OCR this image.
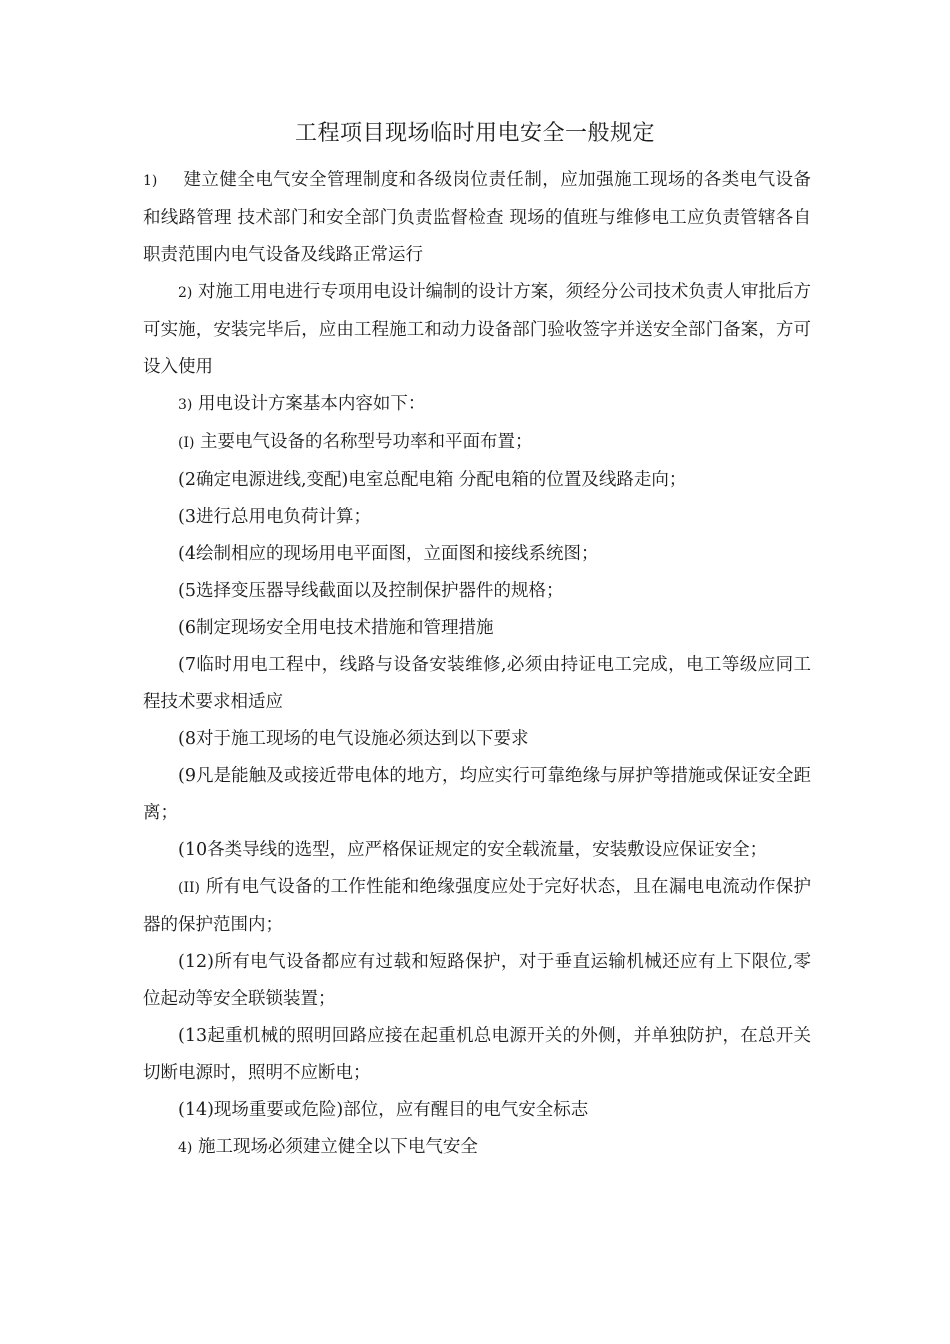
工程项目现场临时用电安全一般规定

1) 建立健全电气安全管理制度和各级岗位责任制，应加强施工现场的各类电气设备和线路管理 技术部门和安全部门负责监督检查 现场的值班与维修电工应负责管辖各自职责范围内电气设备及线路正常运行

2) 对施工用电进行专项用电设计编制的设计方案，须经分公司技术负责人审批后方可实施，安装完毕后，应由工程施工和动力设备部门验收签字并送安全部门备案，方可设入使用

3) 用电设计方案基本内容如下：

(I) 主要电气设备的名称型号功率和平面布置；

(2确定电源进线,变配)电室总配电箱 分配电箱的位置及线路走向；

(3进行总用电负荷计算；

(4绘制相应的现场用电平面图，立面图和接线系统图；

(5选择变压器导线截面以及控制保护器件的规格；

(6制定现场安全用电技术措施和管理措施

(7临时用电工程中，线路与设备安装维修,必须由持证电工完成，电工等级应同工程技术要求相适应

(8对于施工现场的电气设施必须达到以下要求

(9凡是能触及或接近带电体的地方，均应实行可靠绝缘与屏护等措施或保证安全距离；

(10各类导线的选型，应严格保证规定的安全载流量，安装敷设应保证安全；

(II) 所有电气设备的工作性能和绝缘强度应处于完好状态，且在漏电电流动作保护器的保护范围内；

(12)所有电气设备都应有过载和短路保护，对于垂直运输机械还应有上下限位,零位起动等安全联锁装置；

(13起重机械的照明回路应接在起重机总电源开关的外侧，并单独防护，在总开关切断电源时，照明不应断电；

(14)现场重要或危险)部位，应有醒目的电气安全标志

4) 施工现场必须建立健全以下电气安全
